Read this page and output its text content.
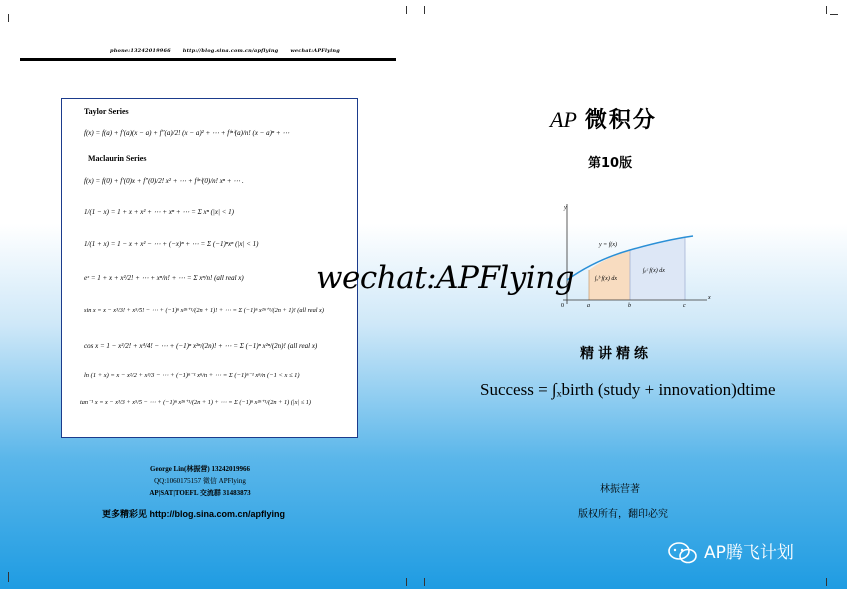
phone:13242019966 http://blog.sina.com.cn/apflying wechat:APFlying
Taylor Series
f(x) = f(a) + f′(a)(x − a) + f″(a)/2! (x − a)² + ⋯ + f⁽ⁿ⁾(a)/n! (x − a)ⁿ + ⋯
Maclaurin Series
f(x) = f(0) + f′(0)x + f″(0)/2! x² + ⋯ + f⁽ⁿ⁾(0)/n! xⁿ + ⋯ .
1/(1 − x) = 1 + x + x² + ⋯ + xⁿ + ⋯ = Σ xⁿ (|x| < 1)
1/(1 + x) = 1 − x + x² − ⋯ + (−x)ⁿ + ⋯ = Σ (−1)ⁿxⁿ (|x| < 1)
eˣ = 1 + x + x²/2! + ⋯ + xⁿ/n! + ⋯ = Σ xⁿ/n! (all real x)
sin x = x − x³/3! + x⁵/5! − ⋯ + (−1)ⁿ x²ⁿ⁺¹/(2n + 1)! + ⋯ = Σ (−1)ⁿ x²ⁿ⁺¹/(2n + 1)! (all real x)
cos x = 1 − x²/2! + x⁴/4! − ⋯ + (−1)ⁿ x²ⁿ/(2n)! + ⋯ = Σ (−1)ⁿ x²ⁿ/(2n)! (all real x)
ln (1 + x) = x − x²/2 + x³/3 − ⋯ + (−1)ⁿ⁻¹ xⁿ/n + ⋯ = Σ (−1)ⁿ⁻¹ xⁿ/n (−1 < x ≤ 1)
tan⁻¹ x = x − x³/3 + x⁵/5 − ⋯ + (−1)ⁿ x²ⁿ⁺¹/(2n + 1) + ⋯ = Σ (−1)ⁿ x²ⁿ⁺¹/(2n + 1) (|x| ≤ 1)
George Lin(林振营) 13242019966
QQ:1060175157 微信 APFlying
AP|SAT|TOEFL 交流群 31483873
更多精彩见 http://blog.sina.com.cn/apflying
AP 微积分
第10版
y = f(x)
∫ₐᵇ f(x) dx
∫ᵦᶜ f(x) dx
x
y
0	a	b	c
wechat:APFlying
精讲精练
Success = ∫ₓbirth (study + innovation)dtime
林振营著
版权所有，翻印必究
AP腾飞计划
